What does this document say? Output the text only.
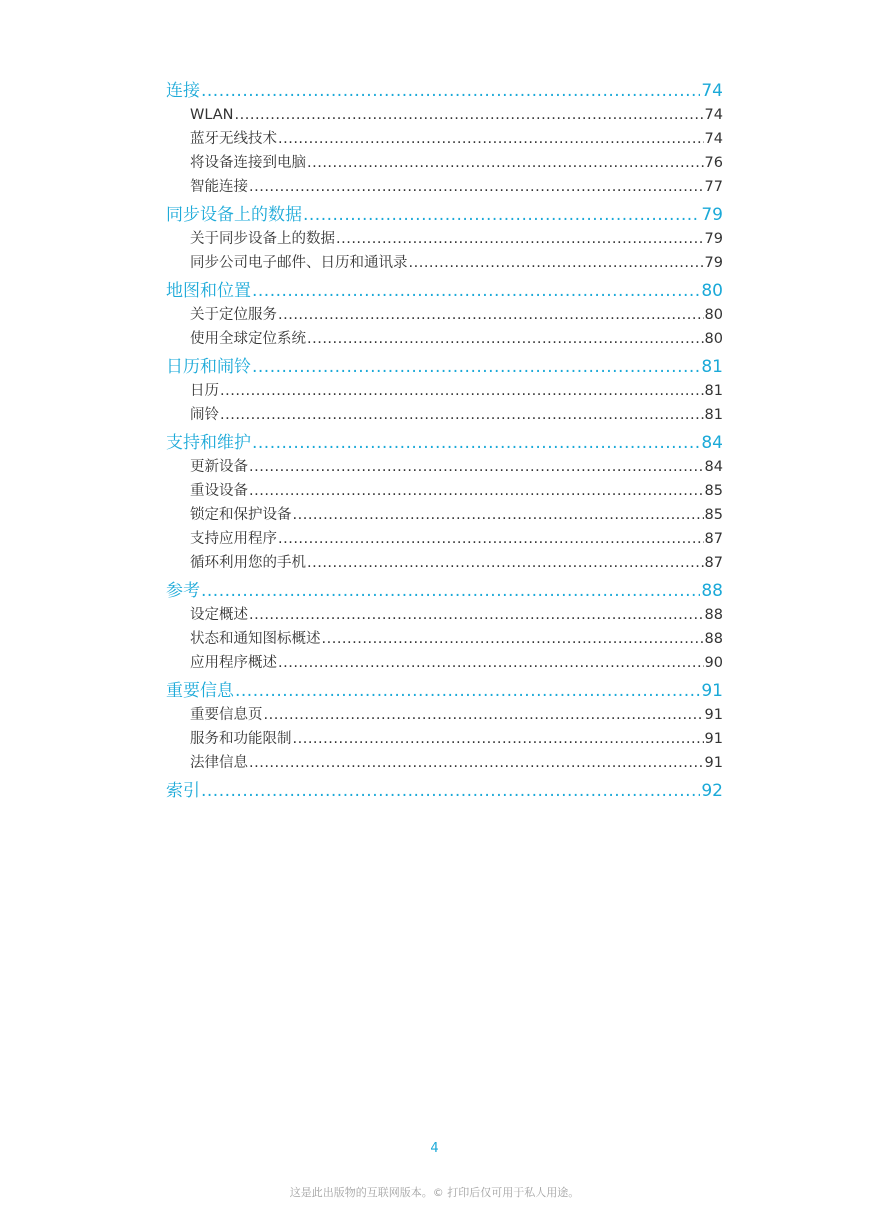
连接 .....	74
WLAN .....	74
蓝牙无线技术 .....	74
将设备连接到电脑 .....	76
智能连接 .....	77
同步设备上的数据 .....	79
关于同步设备上的数据 .....	79
同步公司电子邮件、日历和通讯录 .....	79
地图和位置 .....	80
关于定位服务 .....	80
使用全球定位系统 .....	80
日历和闹铃 .....	81
日历 .....	81
闹铃 .....	81
支持和维护 .....	84
更新设备 .....	84
重设设备 .....	85
锁定和保护设备 .....	85
支持应用程序 .....	87
循环利用您的手机 .....	87
参考 .....	88
设定概述 .....	88
状态和通知图标概述 .....	88
应用程序概述 .....	90
重要信息 .....	91
重要信息页 .....	91
服务和功能限制 .....	91
法律信息 .....	91
索引 .....	92
4
这是此出版物的互联网版本。© 打印后仅可用于私人用途。
